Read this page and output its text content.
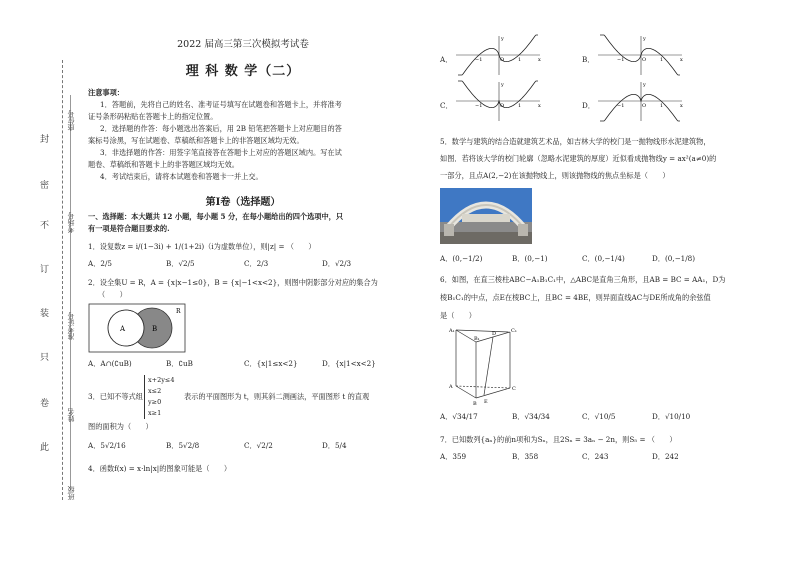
封
密
不
订
装
只
卷
此
座位号
考场号
准考证号
姓名
班级
2022 届高三第三次模拟考试卷
理 科 数 学（二）
注意事项：
1．答题前，先将自己的姓名、准考证号填写在试题卷和答题卡上，并将准考
证号条形码粘贴在答题卡上的指定位置。
2．选择题的作答：每小题选出答案后，用 2B 铅笔把答题卡上对应题目的答
案标号涂黑，写在试题卷、草稿纸和答题卡上的非答题区域均无效。
3．非选择题的作答：用签字笔直接答在答题卡上对应的答题区域内。写在试
题卷、草稿纸和答题卡上的非答题区域均无效。
4．考试结束后，请将本试题卷和答题卡一并上交。
第Ⅰ卷（选择题）
一、选择题：本大题共 12 小题，每小题 5 分，在每小题给出的四个选项中，只
有一项是符合题目要求的.
1．设复数z = i/(1−3i) + 1/(1+2i)（i为虚数单位），则|z| = （　　）
A．2/5	B．√2/5	C．2/3	D．√2/3
2．设全集U = R，A = {x|x−1≤0}，B = {x|−1<x<2}，则图中阴影部分对应的集合为
（　　）
A	B
R
A．A∩(∁uB)	B．∁uB	C．{x|1≤x<2}	D．{x|1<x<2}
3．已知不等式组
x+2y≤4
x≤2
y≥0
x≥1
表示的平面图形为 t，则其斜二测画法，平面图形 t 的直观
图的面积为（　　）
A．5√2/16	B．5√2/8	C．√2/2	D．5/4
4．函数f(x) = x·ln|x|的图象可能是（　　）
A．	x
y
O
−1	1	B．	x
y
O
−1	1
C．	x
y
O
−1	1	D．	x
y
O
−1	1
5．数学与建筑的结合造就建筑艺术品，如吉林大学的校门是一抛物线形水泥建筑物，
如图．若将该大学的校门轮廓（忽略水泥建筑的厚度）近似看成抛物线y = ax²(a≠0)的
一部分，且点A(2,−2)在该抛物线上，则该抛物线的焦点坐标是（　　）
A．(0,−1/2)	B．(0,−1)	C．(0,−1/4)	D．(0,−1/8)
6．如图，在直三棱柱ABC−A₁B₁C₁中，△ABC是直角三角形，且AB = BC = AA₁，D为
棱B₁C₁的中点，点E在棱BC上，且BC = 4BE，则异面直线AC与DE所成角的余弦值
是（　　）
A₁	C₁
B₁
D
A	C
B E
A．√34/17	B．√34/34	C．√10/5	D．√10/10
7．已知数列{aₙ}的前n项和为Sₙ，且2Sₙ = 3aₙ − 2n，则S₅ = （　　）
A．359	B．358	C．243	D．242
